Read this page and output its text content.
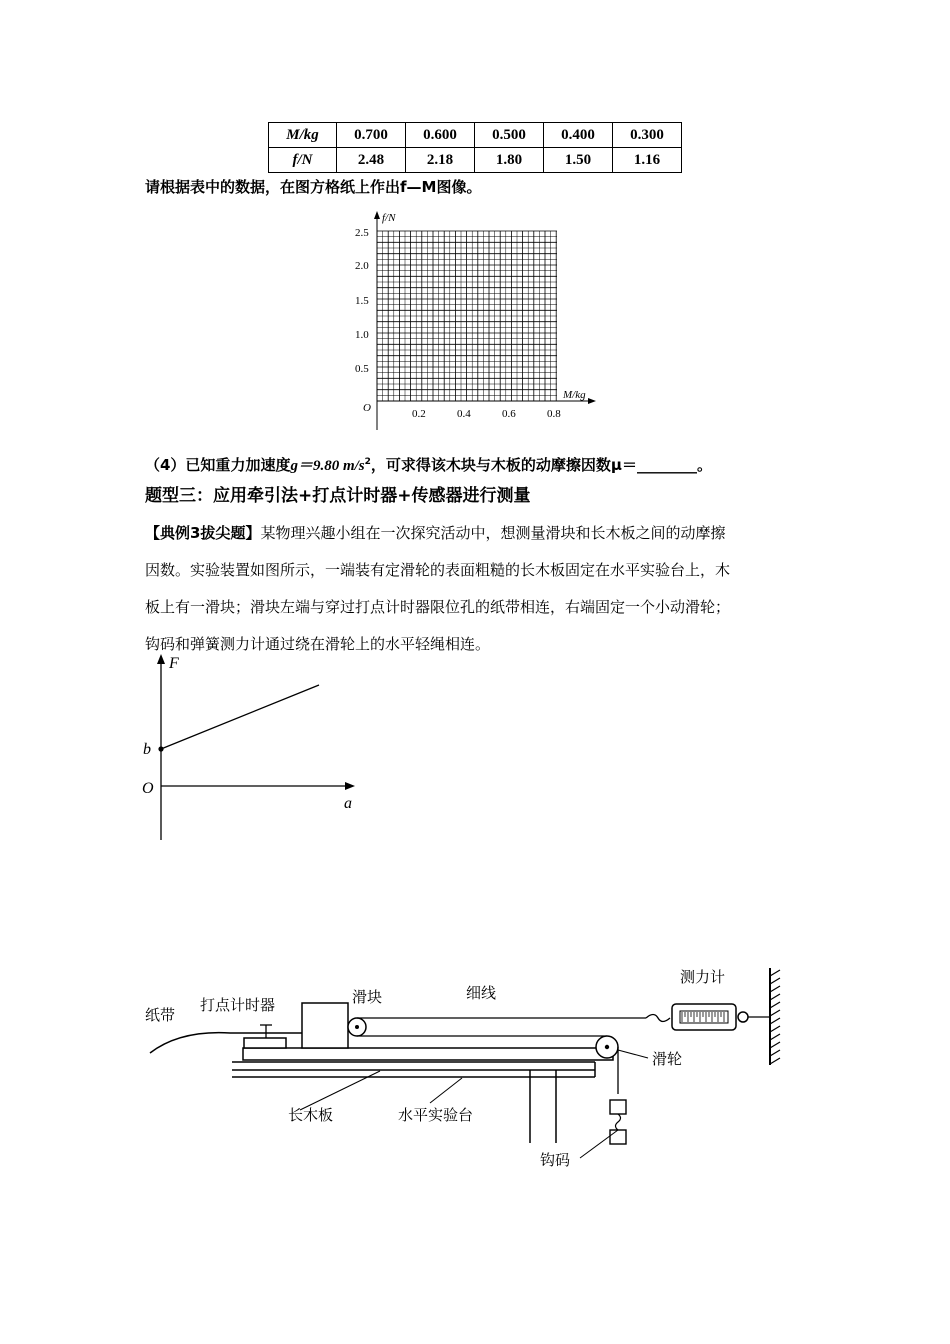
M/kg	0.700	0.600	0.500	0.400	0.300
f/N	2.48	2.18	1.80	1.50	1.16
请根据表中的数据，在图方格纸上作出f—M图像。
f/N
M/kg
O
2.5
2.0
1.5
1.0
0.5
0.2	0.4	0.6	0.8
（4）已知重力加速度g＝9.80 $m/s^2$，可求得该木块与木板的动摩擦因数μ＝________。
题型三：应用牵引法+打点计时器+传感器进行测量
【典例3拔尖题】某物理兴趣小组在一次探究活动中，想测量滑块和长木板之间的动摩擦
因数。实验装置如图所示，一端装有定滑轮的表面粗糙的长木板固定在水平实验台上，木
板上有一滑块；滑块左端与穿过打点计时器限位孔的纸带相连，右端固定一个小动滑轮；
钩码和弹簧测力计通过绕在滑轮上的水平轻绳相连。
F
a
O
b
纸带
打点计时器	滑块	细线
测力计
滑轮
长木板	水平实验台
钩码
